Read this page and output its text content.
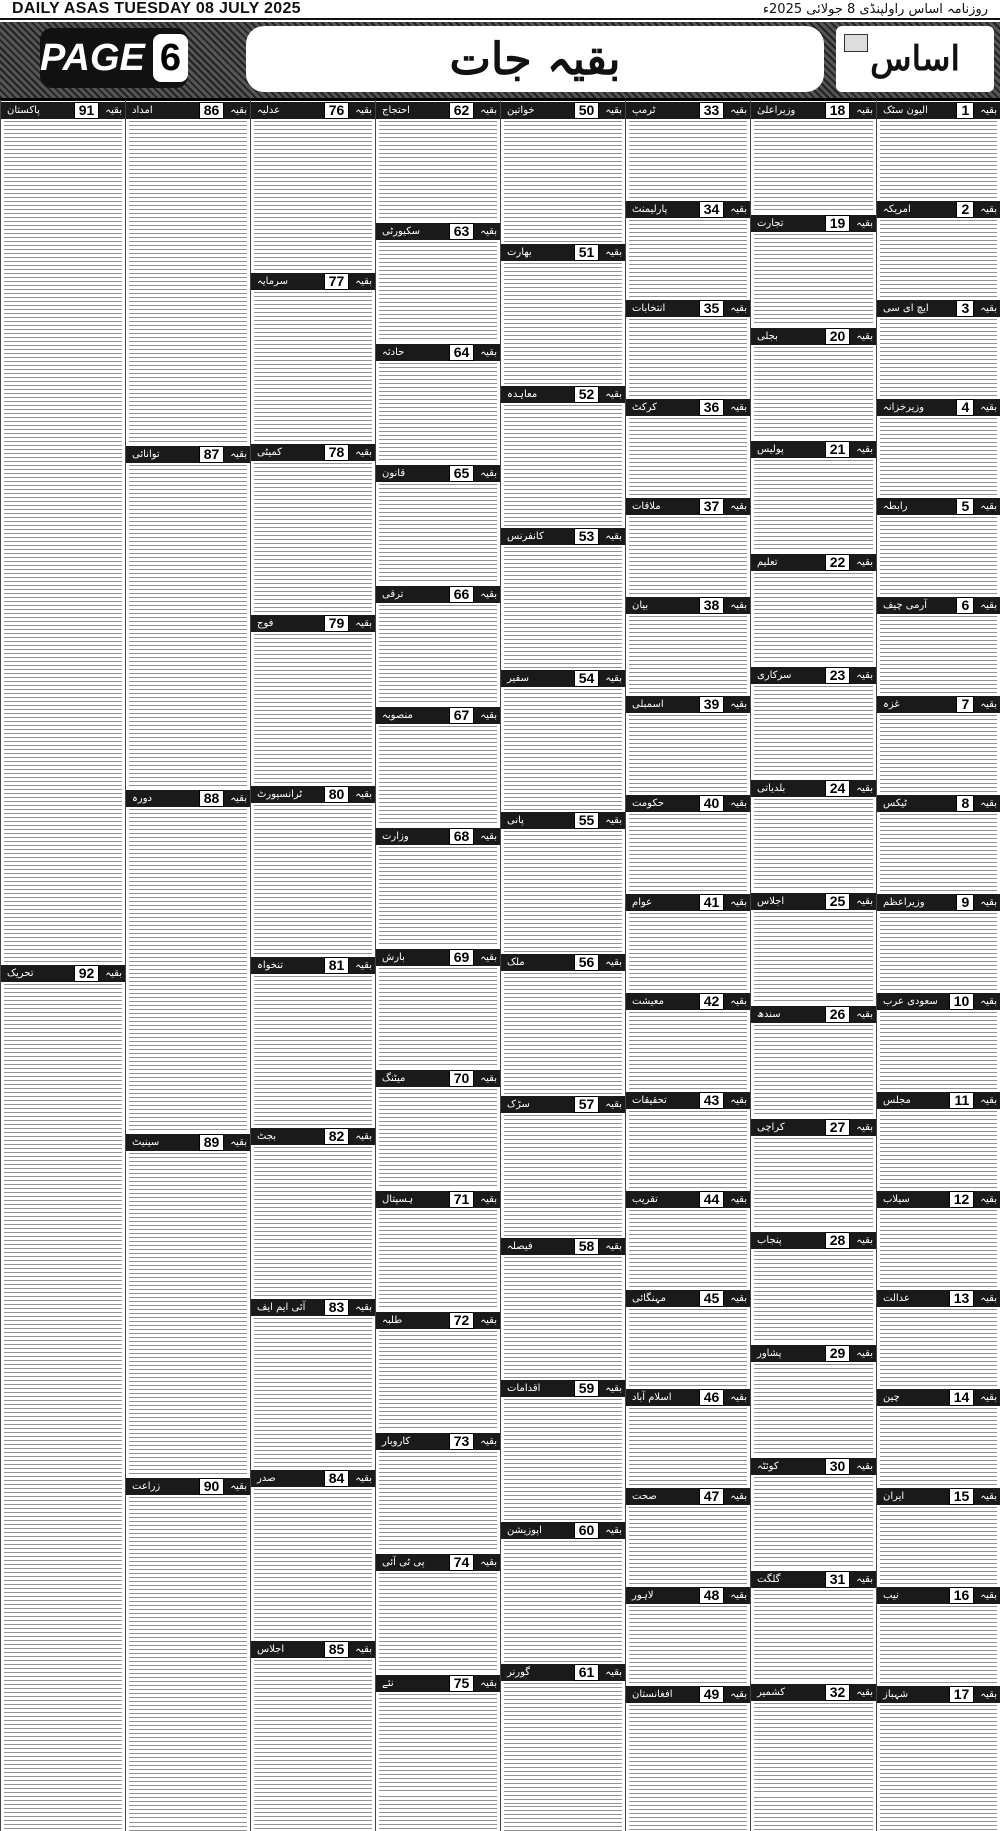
DAILY ASAS TUESDAY 08 JULY 2025	روزنامہ اساس راولپنڈی 8 جولائی 2025ء
PAGE 6	بقیہ جات	اساس
بقیہ
1
الیون سٹک
بقیہ
2
امریکہ
بقیہ
3
ایچ ای سی
بقیہ
4
وزیرخزانہ
بقیہ
5
رابطہ
بقیہ
6
آرمی چیف
بقیہ
7
غزہ
بقیہ
8
ٹیکس
بقیہ
9
وزیراعظم
بقیہ
10
سعودی عرب
بقیہ
11
مجلس
بقیہ
12
سیلاب
بقیہ
13
عدالت
بقیہ
14
چین
بقیہ
15
ایران
بقیہ
16
نیب
بقیہ
17
شہباز
بقیہ
18
وزیراعلیٰ
بقیہ
19
تجارت
بقیہ
20
بجلی
بقیہ
21
پولیس
بقیہ
22
تعلیم
بقیہ
23
سرکاری
بقیہ
24
بلدیاتی
بقیہ
25
اجلاس
بقیہ
26
سندھ
بقیہ
27
کراچی
بقیہ
28
پنجاب
بقیہ
29
پشاور
بقیہ
30
کوئٹہ
بقیہ
31
گلگت
بقیہ
32
کشمیر
بقیہ
33
ٹرمپ
بقیہ
34
پارلیمنٹ
بقیہ
35
انتخابات
بقیہ
36
کرکٹ
بقیہ
37
ملاقات
بقیہ
38
بیان
بقیہ
39
اسمبلی
بقیہ
40
حکومت
بقیہ
41
عوام
بقیہ
42
معیشت
بقیہ
43
تحقیقات
بقیہ
44
تقریب
بقیہ
45
مہنگائی
بقیہ
46
اسلام آباد
بقیہ
47
صحت
بقیہ
48
لاہور
بقیہ
49
افغانستان
بقیہ
50
خواتین
بقیہ
51
بھارت
بقیہ
52
معاہدہ
بقیہ
53
کانفرنس
بقیہ
54
سفیر
بقیہ
55
پانی
بقیہ
56
ملک
بقیہ
57
سڑک
بقیہ
58
فیصلہ
بقیہ
59
اقدامات
بقیہ
60
اپوزیشن
بقیہ
61
گورنر
بقیہ
62
احتجاج
بقیہ
63
سکیورٹی
بقیہ
64
حادثہ
بقیہ
65
قانون
بقیہ
66
ترقی
بقیہ
67
منصوبہ
بقیہ
68
وزارت
بقیہ
69
بارش
بقیہ
70
میٹنگ
بقیہ
71
ہسپتال
بقیہ
72
طلبہ
بقیہ
73
کاروبار
بقیہ
74
پی ٹی آئی
بقیہ
75
نئے
بقیہ
76
عدلیہ
بقیہ
77
سرمایہ
بقیہ
78
کمیٹی
بقیہ
79
فوج
بقیہ
80
ٹرانسپورٹ
بقیہ
81
تنخواہ
بقیہ
82
بجٹ
بقیہ
83
آئی ایم ایف
بقیہ
84
صدر
بقیہ
85
اجلاس
بقیہ
86
امداد
بقیہ
87
توانائی
بقیہ
88
دورہ
بقیہ
89
سینیٹ
بقیہ
90
زراعت
بقیہ
91
پاکستان
بقیہ
92
تحریک
